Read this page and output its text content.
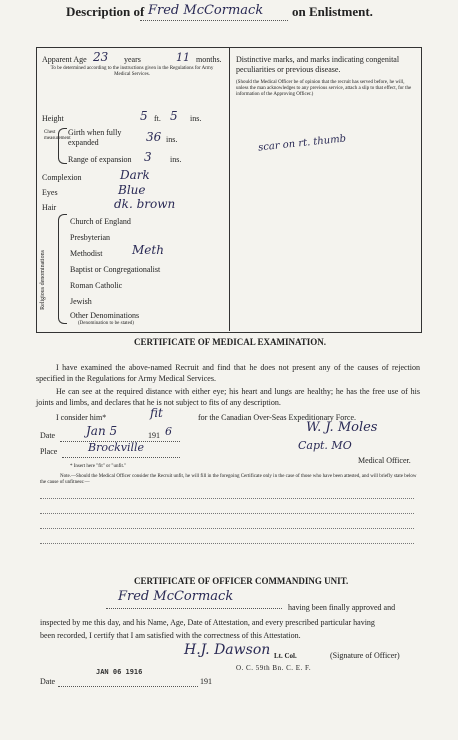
Description of Fred McCormack	on Enlistment.
Apparent Age 23 years	11 months.
To be determined according to the instructions given in the Regulations for Army Medical Services.
Height	5 ft. 5 ins.
Chest measurement
Girth when fully expanded	36 ins.
Range of expansion 3 ins.
Complexion	Dark
Eyes	Blue
Hair	dk. brown
Religious denominations
Church of England
Presbyterian
Methodist Meth
Baptist or Congregationalist
Roman Catholic
Jewish
Other Denominations
(Denomination to be stated)
Distinctive marks, and marks indicating congenital peculiarities or previous disease.
(Should the Medical Officer be of opinion that the recruit has served before, he will, unless the man acknowledges to any previous service, attach a slip to that effect, for the information of the Approving Officer.)
scar on rt. thumb
CERTIFICATE OF MEDICAL EXAMINATION.
I have examined the above-named Recruit and find that he does not present any of the causes of rejection specified in the Regulations for Army Medical Services.
He can see at the required distance with either eye; his heart and lungs are healthy; he has the free use of his joints and limbs, and declares that he is not subject to fits of any description.
I consider him*	fit	for the Canadian Over-Seas Expeditionary Force.
Date	Jan 5	191 6
Place	Brockville
W. J. Moles
Capt. MO
Medical Officer.
* Insert here "fit" or "unfit."
Note.—Should the Medical Officer consider the Recruit unfit, he will fill in the foregoing Certificate only in the case of those who have been attested, and will briefly state below the cause of unfitness:—
CERTIFICATE OF OFFICER COMMANDING UNIT.
Fred McCormack
having been finally approved and
inspected by me this day, and his Name, Age, Date of Attestation, and every prescribed particular having
been recorded, I certify that I am satisfied with the correctness of this Attestation.
H.J. Dawson Lt. Col.	(Signature of Officer)
O. C. 59th Bn. C. E. F.
JAN 06 1916
Date	191
